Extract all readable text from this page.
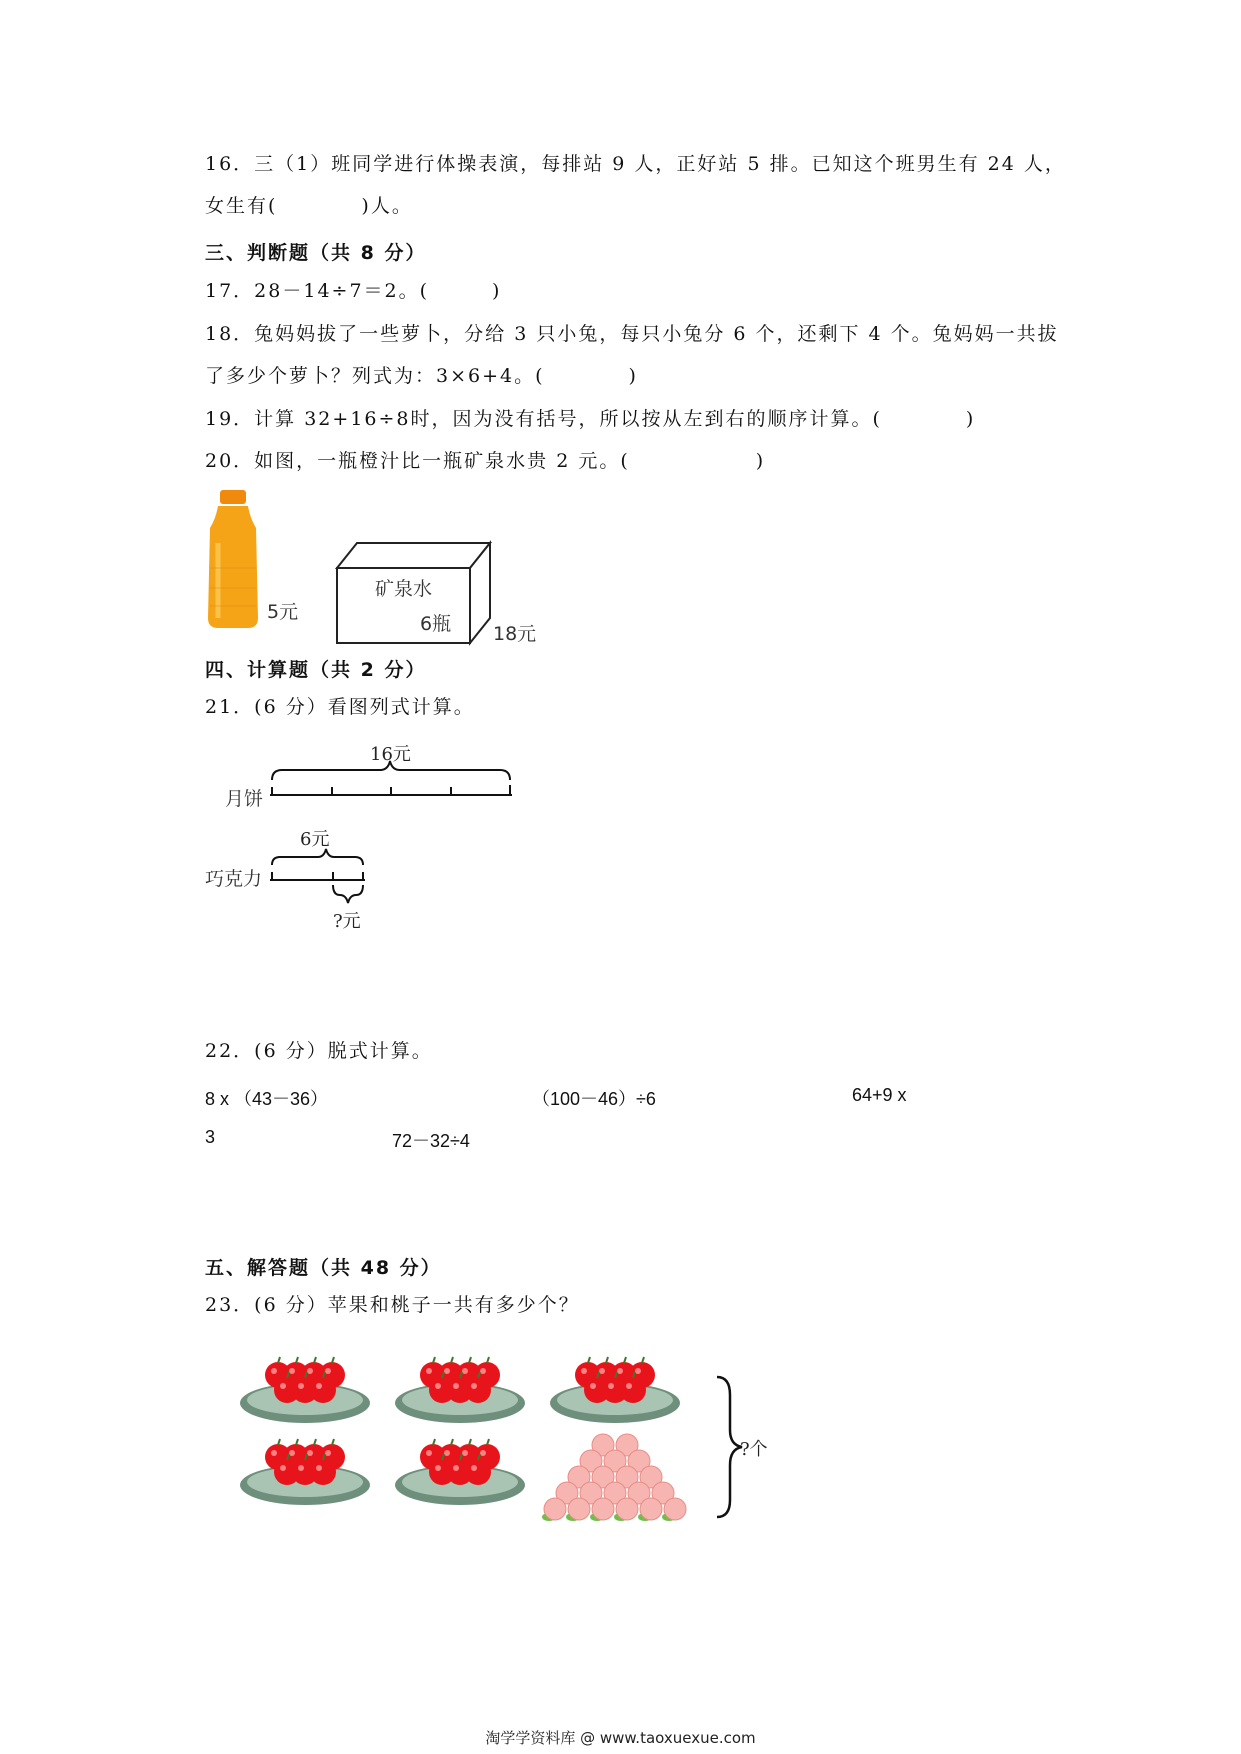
16．三（1）班同学进行体操表演，每排站 9 人，正好站 5 排。已知这个班男生有 24 人，
女生有(　　　　)人。
三、判断题（共 8 分）
17．28－14÷7＝2。(　　　)
18．兔妈妈拔了一些萝卜，分给 3 只小兔，每只小兔分 6 个，还剩下 4 个。兔妈妈一共拔
了多少个萝卜？列式为：3×6+4。(　　　　)
19．计算 32+16÷8时，因为没有括号，所以按从左到右的顺序计算。(　　　　)
20．如图，一瓶橙汁比一瓶矿泉水贵 2 元。(　　　　　　)
5元
矿泉水
6瓶 18元
四、计算题（共 2 分）
21．(6 分）看图列式计算。
16元
月饼
6元
巧克力
?元
22．(6 分）脱式计算。
8 x （43－36）	（100－46）÷6	64+9 x
3	72－32÷4
五、解答题（共 48 分）
23．(6 分）苹果和桃子一共有多少个？
?个
淘学学资料库 @ www.taoxuexue.com
